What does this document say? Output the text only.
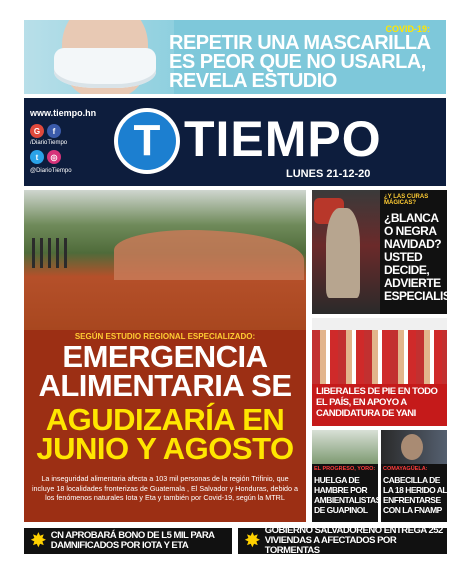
COVID-19:
REPETIR UNA MASCARILLA ES PEOR QUE NO USARLA, REVELA ESTUDIO
www.tiempo.hn
G	f
/DiarioTiempo
t	◎
@DiarioTiempo
T TIEMPO
LUNES 21-12-20
SEGÚN ESTUDIO REGIONAL ESPECIALIZADO:
EMERGENCIA ALIMENTARIA SE
AGUDIZARÍA EN JUNIO Y AGOSTO
La inseguridad alimentaria afecta a 103 mil personas de la región Trifinio, que incluye 18 localidades fronterizas de Guatemala , El Salvador y Honduras, debido a los fenómenos naturales Iota y Eta y también por Covid-19, según la MTRL
¿Y LAS CURAS MÁGICAS?
¿BLANCA O NEGRA NAVIDAD? USTED DECIDE, ADVIERTE ESPECIALISTA
LIBERALES DE PIE EN TODO EL PAÍS, EN APOYO A CANDIDATURA DE YANI
EL PROGRESO, YORO:
HUELGA DE HAMBRE POR AMBIENTALISTAS DE GUAPINOL
COMAYAGÜELA:
CABECILLA DE LA 18 HERIDO AL ENFRENTARSE CON LA FNAMP
✸ CN APROBARÁ BONO DE L5 MIL PARA DAMNIFICADOS POR IOTA Y ETA	✸ GOBIERNO SALVADOREÑO ENTREGA 252 VIVIENDAS A AFECTADOS POR TORMENTAS
